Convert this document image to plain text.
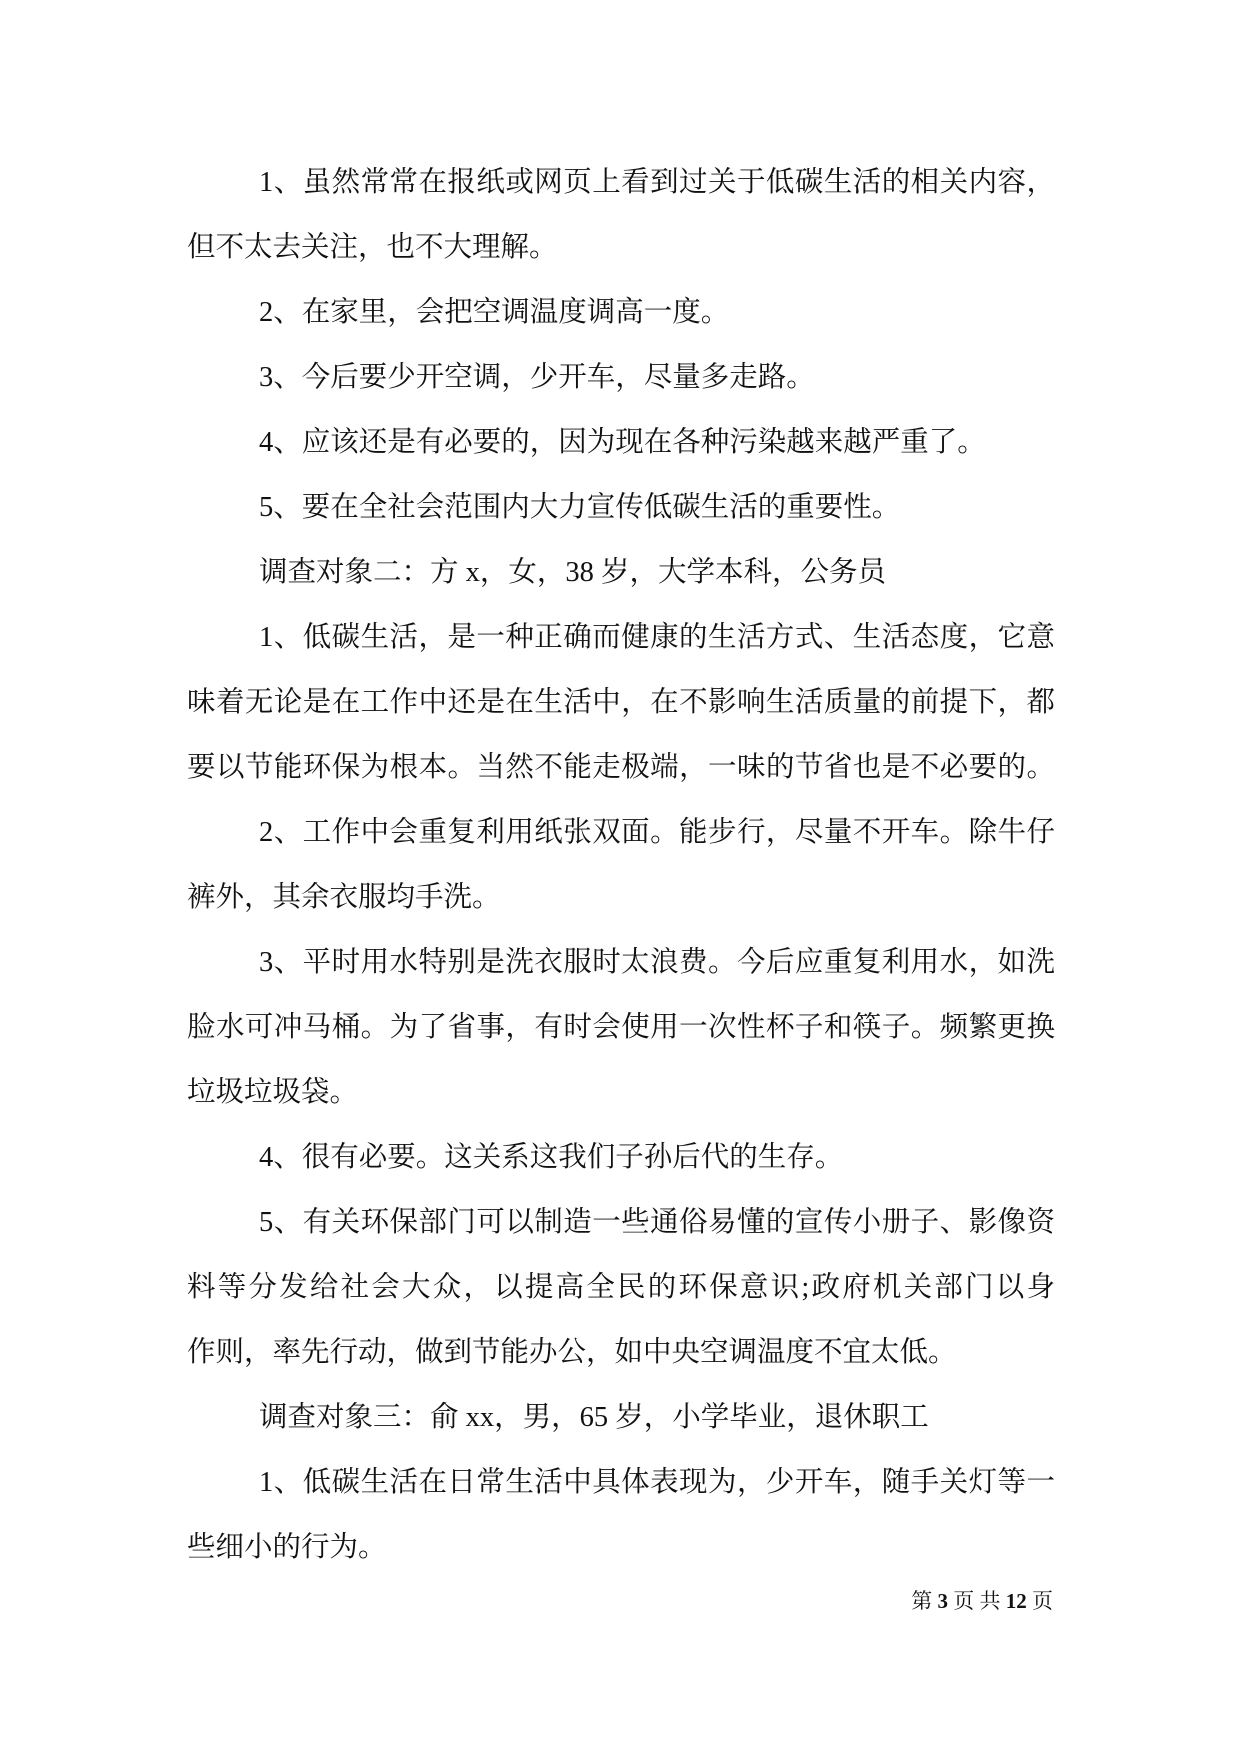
1、虽然常常在报纸或网页上看到过关于低碳生活的相关内容，
但不太去关注，也不大理解。
2、在家里，会把空调温度调高一度。
3、今后要少开空调，少开车，尽量多走路。
4、应该还是有必要的，因为现在各种污染越来越严重了。
5、要在全社会范围内大力宣传低碳生活的重要性。
调查对象二：方 x，女，38 岁，大学本科，公务员
1、低碳生活，是一种正确而健康的生活方式、生活态度，它意
味着无论是在工作中还是在生活中，在不影响生活质量的前提下，都
要以节能环保为根本。当然不能走极端，一味的节省也是不必要的。
2、工作中会重复利用纸张双面。能步行，尽量不开车。除牛仔
裤外，其余衣服均手洗。
3、平时用水特别是洗衣服时太浪费。今后应重复利用水，如洗
脸水可冲马桶。为了省事，有时会使用一次性杯子和筷子。频繁更换
垃圾垃圾袋。
4、很有必要。这关系这我们子孙后代的生存。
5、有关环保部门可以制造一些通俗易懂的宣传小册子、影像资
料等分发给社会大众，以提高全民的环保意识;政府机关部门以身
作则，率先行动，做到节能办公，如中央空调温度不宜太低。
调查对象三：俞 xx，男，65 岁，小学毕业，退休职工
1、低碳生活在日常生活中具体表现为，少开车，随手关灯等一
些细小的行为。
第 3 页 共 12 页
